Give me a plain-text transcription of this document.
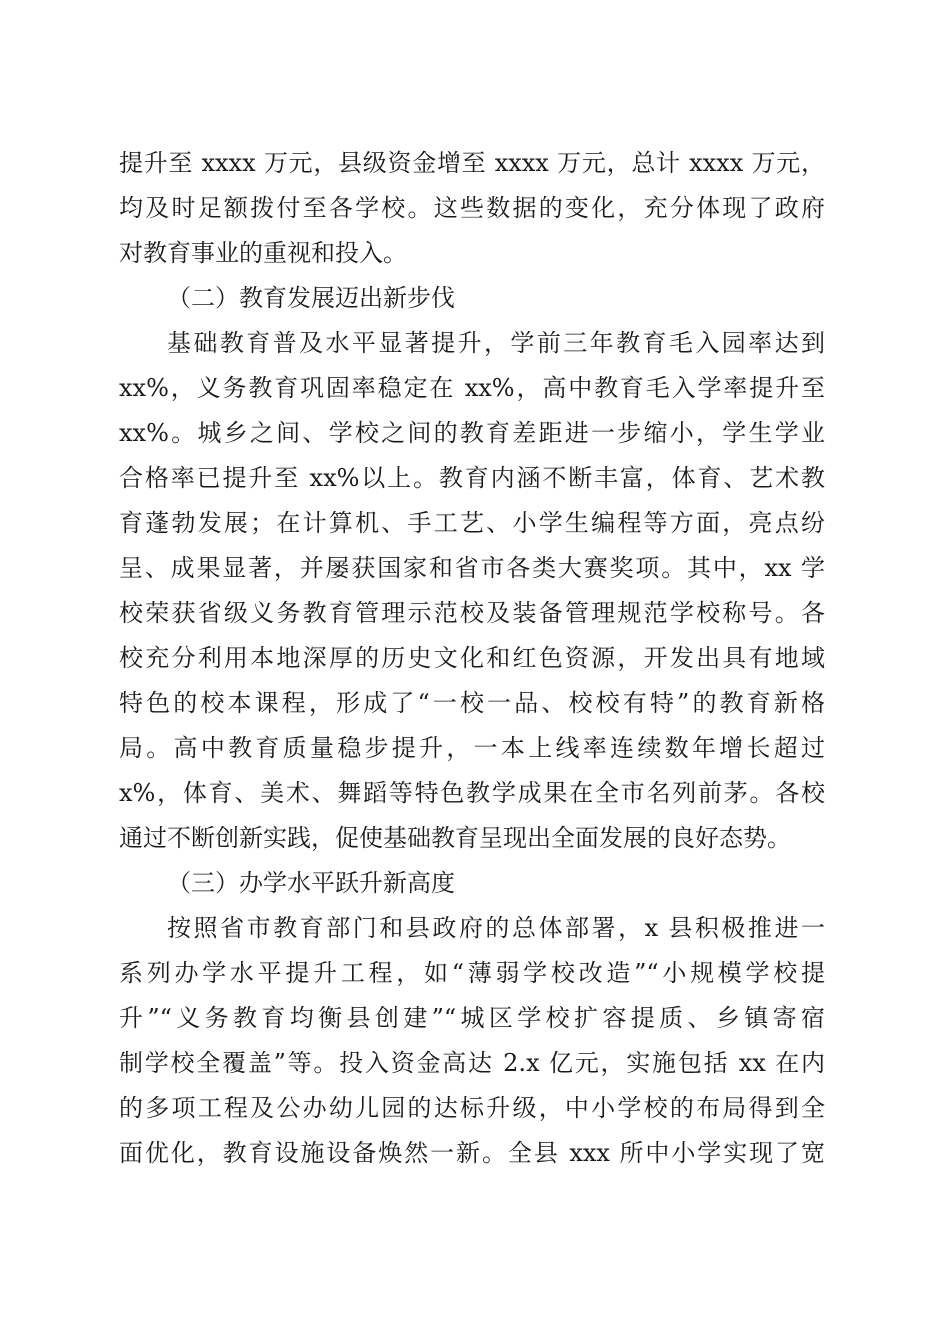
提升至 xxxx 万元，县级资金增至 xxxx 万元，总计 xxxx 万元，
均及时足额拨付至各学校。这些数据的变化，充分体现了政府
对教育事业的重视和投入。
（二）教育发展迈出新步伐
基础教育普及水平显著提升，学前三年教育毛入园率达到
xx%，义务教育巩固率稳定在 xx%，高中教育毛入学率提升至
xx%。城乡之间、学校之间的教育差距进一步缩小，学生学业
合格率已提升至 xx%以上。教育内涵不断丰富，体育、艺术教
育蓬勃发展；在计算机、手工艺、小学生编程等方面，亮点纷
呈、成果显著，并屡获国家和省市各类大赛奖项。其中，xx 学
校荣获省级义务教育管理示范校及装备管理规范学校称号。各
校充分利用本地深厚的历史文化和红色资源，开发出具有地域
特色的校本课程，形成了“一校一品、校校有特”的教育新格
局。高中教育质量稳步提升，一本上线率连续数年增长超过
x%，体育、美术、舞蹈等特色教学成果在全市名列前茅。各校
通过不断创新实践，促使基础教育呈现出全面发展的良好态势。
（三）办学水平跃升新高度
按照省市教育部门和县政府的总体部署，x 县积极推进一
系列办学水平提升工程，如“薄弱学校改造”“小规模学校提
升”“义务教育均衡县创建”“城区学校扩容提质、乡镇寄宿
制学校全覆盖”等。投入资金高达 2.x 亿元，实施包括 xx 在内
的多项工程及公办幼儿园的达标升级，中小学校的布局得到全
面优化，教育设施设备焕然一新。全县 xxx 所中小学实现了宽
